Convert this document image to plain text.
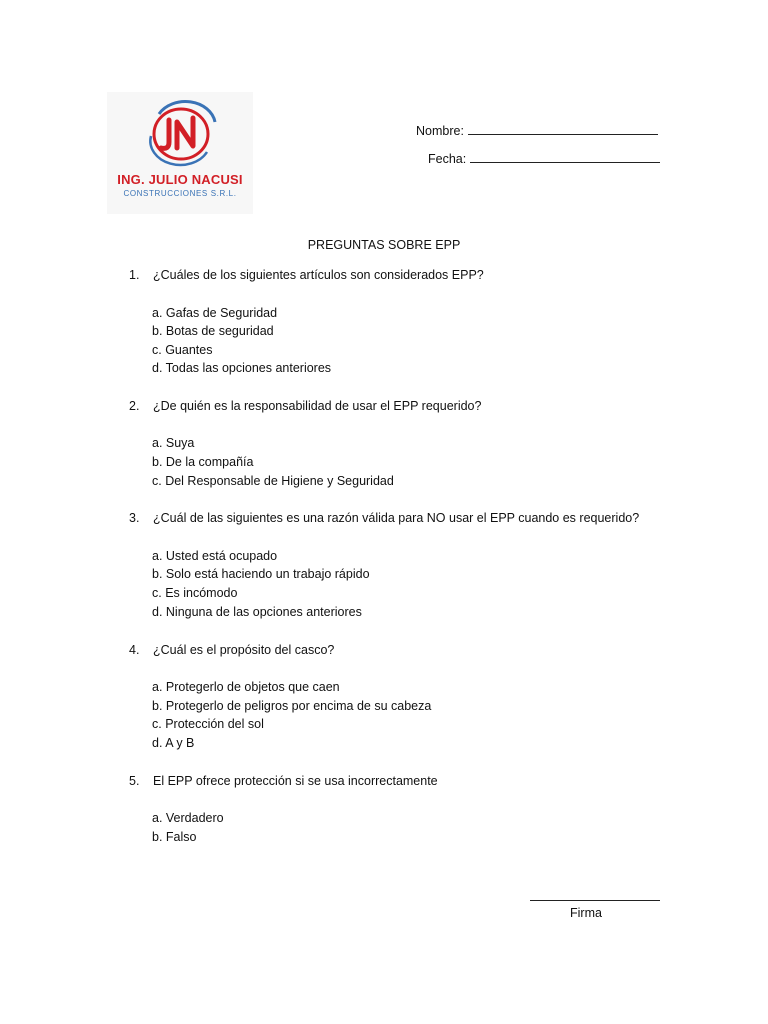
ING. JULIO NACUSI
CONSTRUCCIONES S.R.L.
Nombre:
Fecha:
PREGUNTAS SOBRE EPP
1. ¿Cuáles de los siguientes artículos son considerados EPP?
a. Gafas de Seguridad
b. Botas de seguridad
c. Guantes
d. Todas las opciones anteriores
2. ¿De quién es la responsabilidad de usar el EPP requerido?
a. Suya
b. De la compañía
c. Del Responsable de Higiene y Seguridad
3. ¿Cuál de las siguientes es una razón válida para NO usar el EPP cuando es requerido?
a. Usted está ocupado
b. Solo está haciendo un trabajo rápido
c. Es incómodo
d. Ninguna de las opciones anteriores
4. ¿Cuál es el propósito del casco?
a. Protegerlo de objetos que caen
b. Protegerlo de peligros por encima de su cabeza
c. Protección del sol
d. A y B
5. El EPP ofrece protección si se usa incorrectamente
a. Verdadero
b. Falso
Firma
